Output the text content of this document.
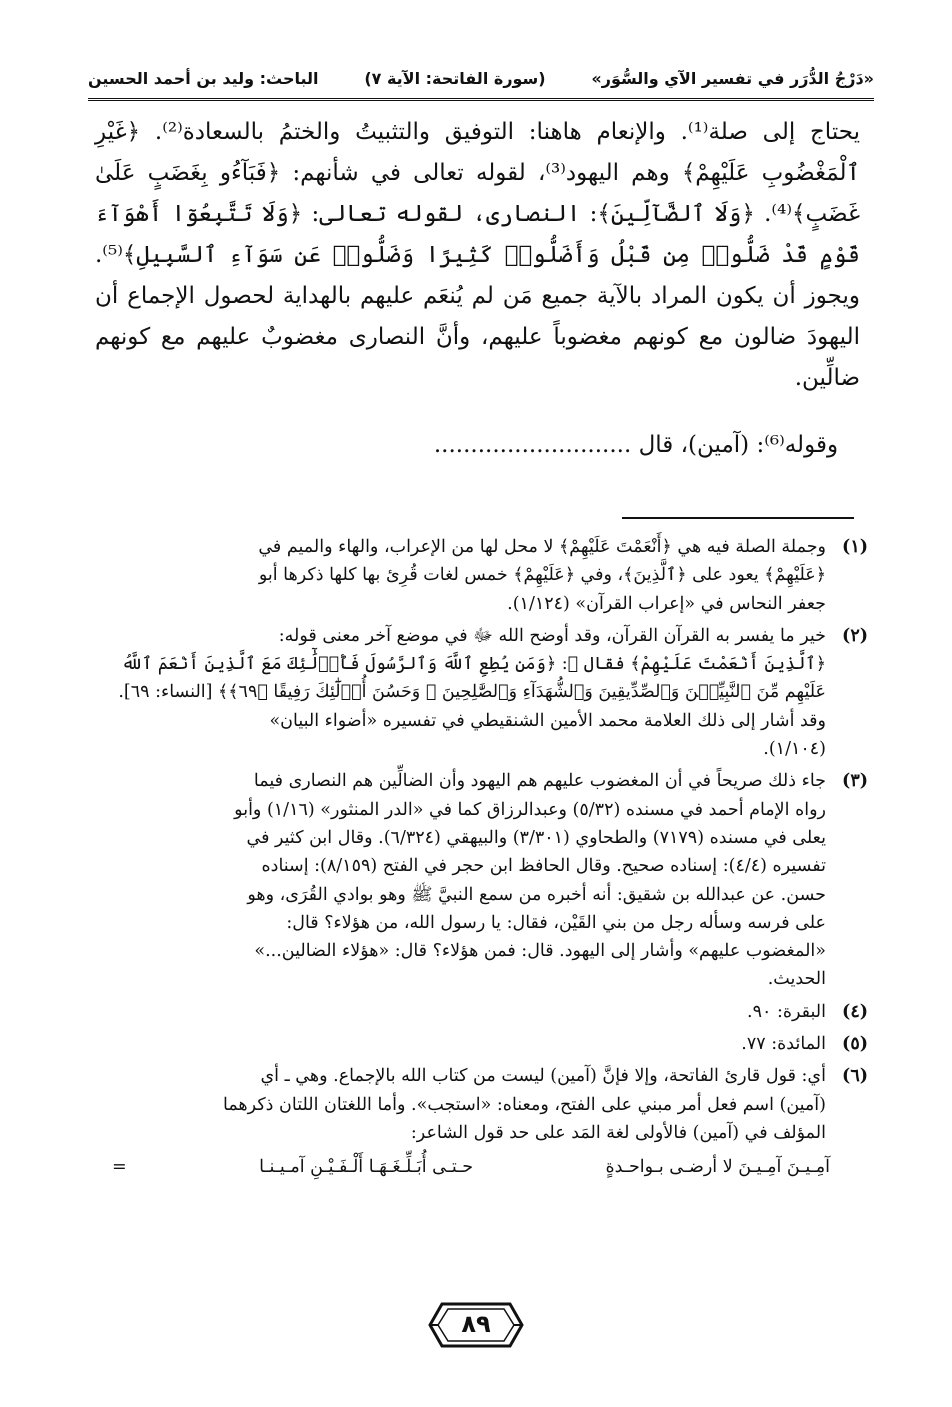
«دَرْجُ الدُّرَر في تفسير الآي والسُّوَر»
(سورة الفاتحة: الآية ٧)
الباحث: وليد بن أحمد الحسين

يحتاج إلى صلة⁽¹⁾. والإنعام هاهنا: التوفيق والتثبيتُ والختمُ بالسعادة⁽²⁾. ﴿غَيْرِ ٱلْمَغْضُوبِ عَلَيْهِمْ﴾ وهم اليهود⁽³⁾، لقوله تعالى في شأنهم: ﴿فَبَآءُو بِغَضَبٍ عَلَىٰ غَضَبٍ﴾⁽⁴⁾. ﴿وَلَا ٱلضَّآلِّينَ﴾: النصارى، لقوله تعالى: ﴿وَلَا تَتَّبِعُوٓا أَهْوَآءَ قَوْمٍ قَدْ ضَلُّوا۟ مِن قَبْلُ وَأَضَلُّوا۟ كَثِيرًا وَضَلُّوا۟ عَن سَوَآءِ ٱلسَّبِيلِ﴾⁽⁵⁾. ويجوز أن يكون المراد بالآية جميع مَن لم يُنعَم عليهم بالهداية لحصول الإجماع أن اليهودَ ضالون مع كونهم مغضوباً عليهم، وأنَّ النصارى مغضوبٌ عليهم مع كونهم ضالِّين.

وقوله⁽⁶⁾: (آمين)، قال ...........................

(١)
وجملة الصلة فيه هي ﴿أَنْعَمْتَ عَلَيْهِمْ﴾ لا محل لها من الإعراب، والهاء والميم في
﴿عَلَيْهِمْ﴾ يعود على ﴿ٱلَّذِينَ﴾، وفي ﴿عَلَيْهِمْ﴾ خمس لغات قُرِئ بها كلها ذكرها أبو
جعفر النحاس في «إعراب القرآن» (١/١٢٤).
(٢)
خير ما يفسر به القرآن القرآن، وقد أوضح الله ﷻ في موضع آخر معنى قوله:
﴿ٱلَّذِينَ أَنْعَمْتَ عَلَيْهِمْ﴾ فقال ﷻ: ﴿وَمَن يُطِعِ ٱللَّهَ وَٱلرَّسُولَ فَأُو۟لَٰٓئِكَ مَعَ ٱلَّذِينَ أَنْعَمَ ٱللَّهُ
عَلَيْهِم مِّنَ ٱلنَّبِيِّـۧنَ وَٱلصِّدِّيقِينَ وَٱلشُّهَدَآءِ وَٱلصَّٰلِحِينَ ۚ وَحَسُنَ أُو۟لَٰٓئِكَ رَفِيقًا ﴿٦٩﴾﴾ [النساء: ٦٩].
وقد أشار إلى ذلك العلامة محمد الأمين الشنقيطي في تفسيره «أضواء البيان»
(١/١٠٤).
(٣)
جاء ذلك صريحاً في أن المغضوب عليهم هم اليهود وأن الضالِّين هم النصارى فيما
رواه الإمام أحمد في مسنده (٥/٣٢) وعبدالرزاق كما في «الدر المنثور» (١/١٦) وأبو
يعلى في مسنده (٧١٧٩) والطحاوي (٣/٣٠١) والبيهقي (٦/٣٢٤). وقال ابن كثير في
تفسيره (٤/٤): إسناده صحيح. وقال الحافظ ابن حجر في الفتح (٨/١٥٩): إسناده
حسن. عن عبدالله بن شقيق: أنه أخبره من سمع النبيَّ ﷺ وهو بوادي القُرَى، وهو
على فرسه وسأله رجل من بني القَيْن، فقال: يا رسول الله، من هؤلاء؟ قال:
«المغضوب عليهم» وأشار إلى اليهود. قال: فمن هؤلاء؟ قال: «هؤلاء الضالين...»
الحديث.
(٤)
البقرة: ٩٠.
(٥)
المائدة: ٧٧.
(٦)
أي: قول قارئ الفاتحة، وإلا فإنَّ (آمين) ليست من كتاب الله بالإجماع. وهي ـ أي
(آمين) اسم فعل أمر مبني على الفتح، ومعناه: «استجب». وأما اللغتان اللتان ذكرهما
المؤلف في (آمين) فالأولى لغة المَد على حد قول الشاعر:
آمِـيـنَ آمِـيـنَ لا أرضـى بـواحـدةٍ
حـتـى أُبَـلِّـغَـهَـا أَلْـفَـيْـنِ آمـيـنـا
=
٨٩
